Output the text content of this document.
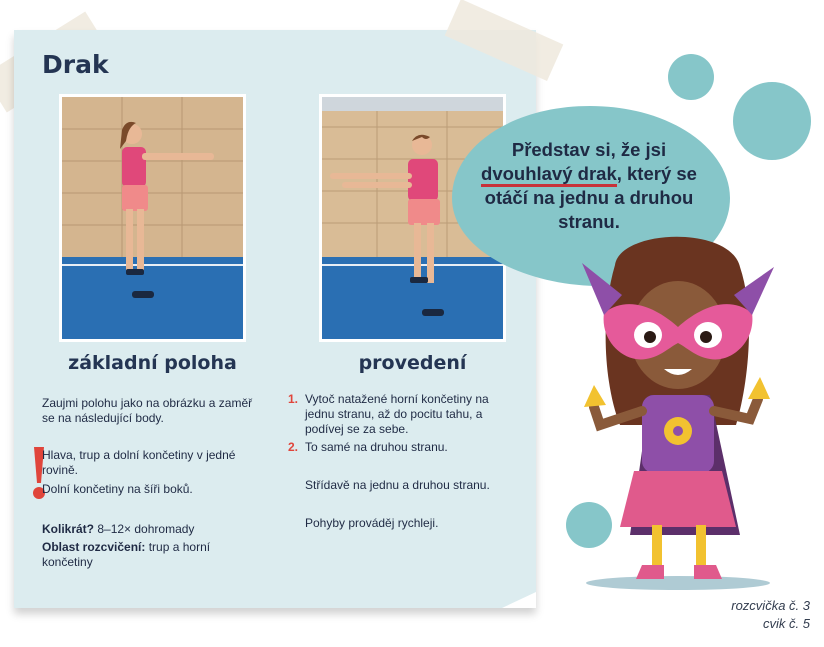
Drak
základní poloha	provedení
Zaujmi polohu jako na obrázku a zaměř se na následující body.
Hlava, trup a dolní končetiny v jedné rovině.
Dolní končetiny na šíři boků.
Kolikrát? 8–12× dohromady
Oblast rozcvičení: trup a horní končetiny
1. Vytoč natažené horní končetiny na jednu stranu, až do pocitu tahu, a podívej se za sebe.
2. To samé na druhou stranu.
Střídavě na jednu a druhou stranu.
Pohyby prováděj rychleji.
Představ si, že jsi dvouhlavý drak, který se otáčí na jednu a druhou stranu.
rozcvička č. 3
cvik č. 5
